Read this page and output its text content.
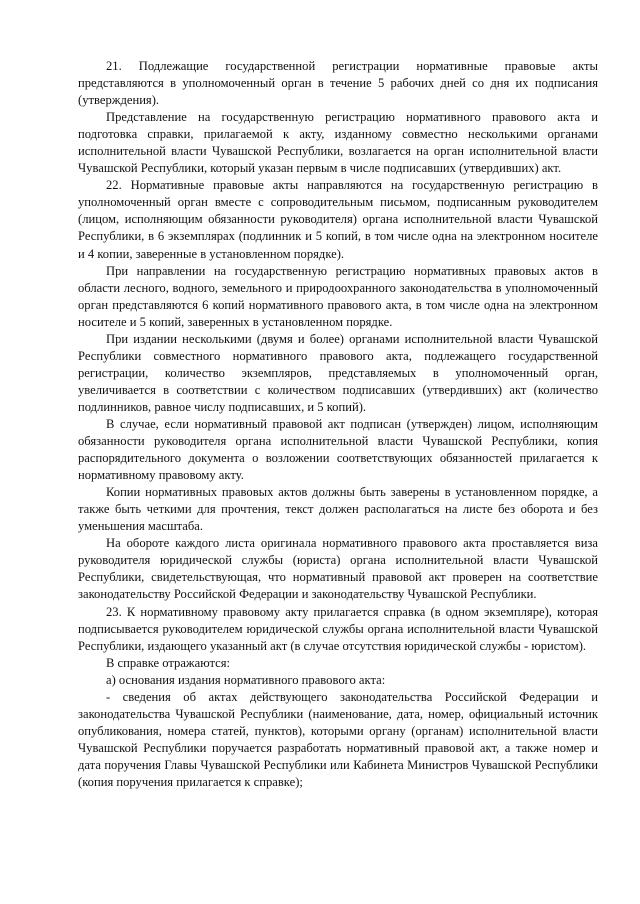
21. Подлежащие государственной регистрации нормативные правовые акты представляются в уполномоченный орган в течение 5 рабочих дней со дня их подписания (утверждения).

Представление на государственную регистрацию нормативного правового акта и подготовка справки, прилагаемой к акту, изданному совместно несколькими органами исполнительной власти Чувашской Республики, возлагается на орган исполнительной власти Чувашской Республики, который указан первым в числе подписавших (утвердивших) акт.

22. Нормативные правовые акты направляются на государственную регистрацию в уполномоченный орган вместе с сопроводительным письмом, подписанным руководителем (лицом, исполняющим обязанности руководителя) органа исполнительной власти Чувашской Республики, в 6 экземплярах (подлинник и 5 копий, в том числе одна на электронном носителе и 4 копии, заверенные в установленном порядке).

При направлении на государственную регистрацию нормативных правовых актов в области лесного, водного, земельного и природоохранного законодательства в уполномоченный орган представляются 6 копий нормативного правового акта, в том числе одна на электронном носителе и 5 копий, заверенных в установленном порядке.

При издании несколькими (двумя и более) органами исполнительной власти Чувашской Республики совместного нормативного правового акта, подлежащего государственной регистрации, количество экземпляров, представляемых в уполномоченный орган, увеличивается в соответствии с количеством подписавших (утвердивших) акт (количество подлинников, равное числу подписавших, и 5 копий).

В случае, если нормативный правовой акт подписан (утвержден) лицом, исполняющим обязанности руководителя органа исполнительной власти Чувашской Республики, копия распорядительного документа о возложении соответствующих обязанностей прилагается к нормативному правовому акту.

Копии нормативных правовых актов должны быть заверены в установленном порядке, а также быть четкими для прочтения, текст должен располагаться на листе без оборота и без уменьшения масштаба.

На обороте каждого листа оригинала нормативного правового акта проставляется виза руководителя юридической службы (юриста) органа исполнительной власти Чувашской Республики, свидетельствующая, что нормативный правовой акт проверен на соответствие законодательству Российской Федерации и законодательству Чувашской Республики.

23. К нормативному правовому акту прилагается справка (в одном экземпляре), которая подписывается руководителем юридической службы органа исполнительной власти Чувашской Республики, издающего указанный акт (в случае отсутствия юридической службы - юристом).

В справке отражаются:

а) основания издания нормативного правового акта:

- сведения об актах действующего законодательства Российской Федерации и законодательства Чувашской Республики (наименование, дата, номер, официальный источник опубликования, номера статей, пунктов), которыми органу (органам) исполнительной власти Чувашской Республики поручается разработать нормативный правовой акт, а также номер и дата поручения Главы Чувашской Республики или Кабинета Министров Чувашской Республики (копия поручения прилагается к справке);
